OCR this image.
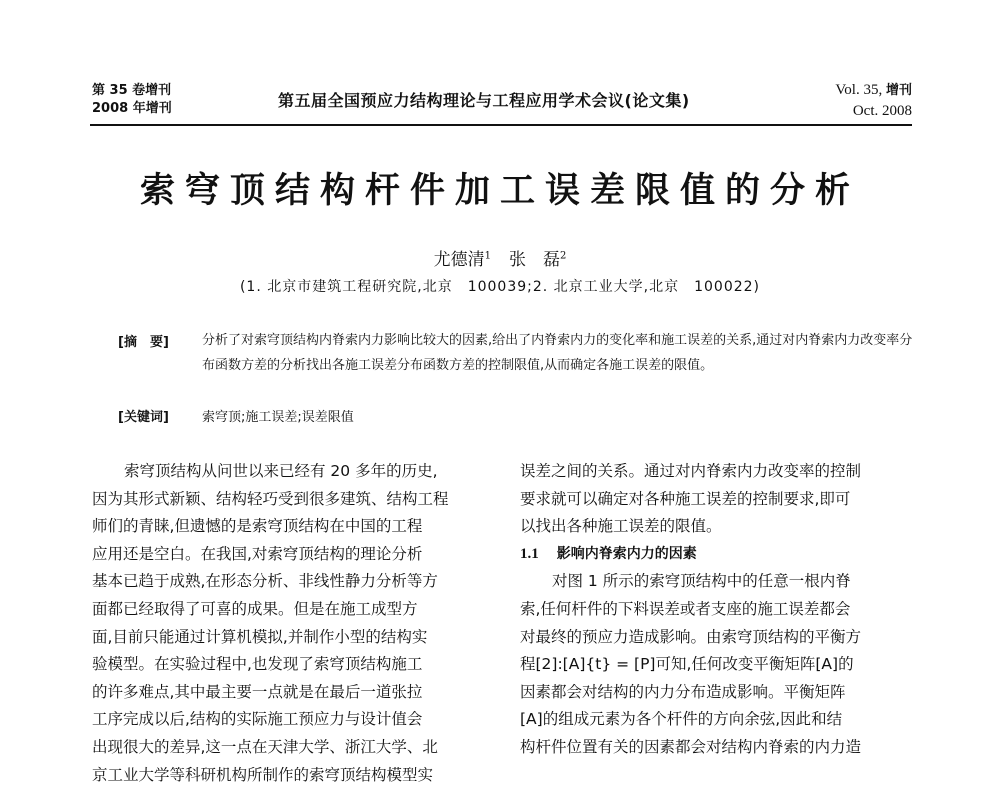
第 35 卷增刊
2008 年增刊	第五届全国预应力结构理论与工程应用学术会议(论文集)
Vol. 35, 增刊
Oct. 2008
索穹顶结构杆件加工误差限值的分析
尤德清$^1$ 张　磊$^2$
(1. 北京市建筑工程研究院,北京　100039;2. 北京工业大学,北京　100022)
[摘　要]	分析了对索穹顶结构内脊索内力影响比较大的因素,给出了内脊索内力的变化率和施工误差的关系,通过对内脊索内力改变率分布函数方差的分析找出各施工误差分布函数方差的控制限值,从而确定各施工误差的限值。
[关键词]	索穹顶;施工误差;误差限值
索穹顶结构从问世以来已经有 20 多年的历史,
因为其形式新颖、结构轻巧受到很多建筑、结构工程
师们的青睐,但遗憾的是索穹顶结构在中国的工程
应用还是空白。在我国,对索穹顶结构的理论分析
基本已趋于成熟,在形态分析、非线性静力分析等方
面都已经取得了可喜的成果。但是在施工成型方
面,目前只能通过计算机模拟,并制作小型的结构实
验模型。在实验过程中,也发现了索穹顶结构施工
的许多难点,其中最主要一点就是在最后一道张拉
工序完成以后,结构的实际施工预应力与设计值会
出现很大的差异,这一点在天津大学、浙江大学、北
京工业大学等科研机构所制作的索穹顶结构模型实
误差之间的关系。通过对内脊索内力改变率的控制
要求就可以确定对各种施工误差的控制要求,即可
以找出各种施工误差的限值。
1.1 影响内脊索内力的因素
对图 1 所示的索穹顶结构中的任意一根内脊
索,任何杆件的下料误差或者支座的施工误差都会
对最终的预应力造成影响。由索穹顶结构的平衡方
程[2]:[A]{t} = [P]可知,任何改变平衡矩阵[A]的
因素都会对结构的内力分布造成影响。平衡矩阵
[A]的组成元素为各个杆件的方向余弦,因此和结
构杆件位置有关的因素都会对结构内脊索的内力造
